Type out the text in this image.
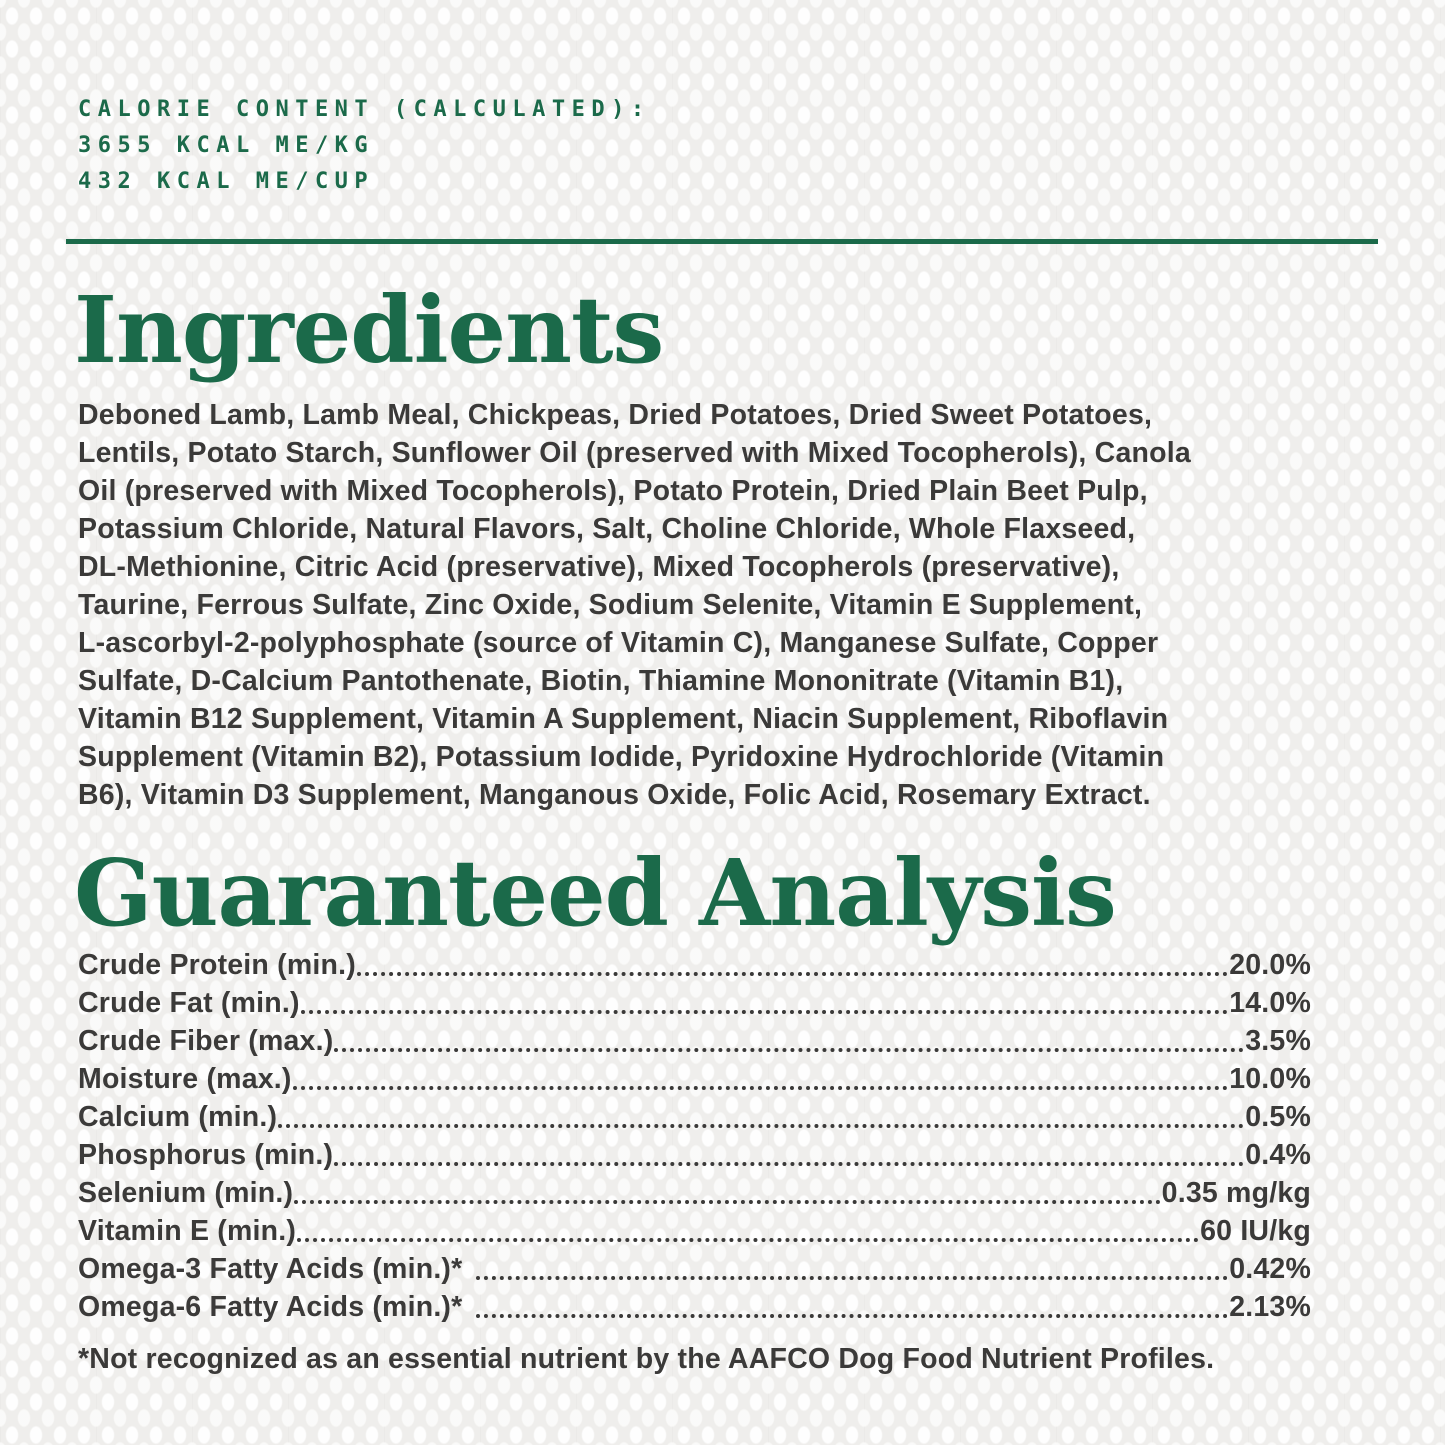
CALORIE CONTENT (CALCULATED):
3655 KCAL ME/KG
432 KCAL ME/CUP
Ingredients
Deboned Lamb, Lamb Meal, Chickpeas, Dried Potatoes, Dried Sweet Potatoes,
Lentils, Potato Starch, Sunflower Oil (preserved with Mixed Tocopherols), Canola
Oil (preserved with Mixed Tocopherols), Potato Protein, Dried Plain Beet Pulp,
Potassium Chloride, Natural Flavors, Salt, Choline Chloride, Whole Flaxseed,
DL-Methionine, Citric Acid (preservative), Mixed Tocopherols (preservative),
Taurine, Ferrous Sulfate, Zinc Oxide, Sodium Selenite, Vitamin E Supplement,
L-ascorbyl-2-polyphosphate (source of Vitamin C), Manganese Sulfate, Copper
Sulfate, D-Calcium Pantothenate, Biotin, Thiamine Mononitrate (Vitamin B1),
Vitamin B12 Supplement, Vitamin A Supplement, Niacin Supplement, Riboflavin
Supplement (Vitamin B2), Potassium Iodide, Pyridoxine Hydrochloride (Vitamin
B6), Vitamin D3 Supplement, Manganous Oxide, Folic Acid, Rosemary Extract.
Guaranteed Analysis
Crude Protein (min.)	20.0%
Crude Fat (min.)	14.0%
Crude Fiber (max.)	3.5%
Moisture (max.)	10.0%
Calcium (min.)	0.5%
Phosphorus (min.)	0.4%
Selenium (min.)	0.35 mg/kg
Vitamin E (min.)	60 IU/kg
Omega-3 Fatty Acids (min.)*	0.42%
Omega-6 Fatty Acids (min.)*	2.13%
*Not recognized as an essential nutrient by the AAFCO Dog Food Nutrient Profiles.
